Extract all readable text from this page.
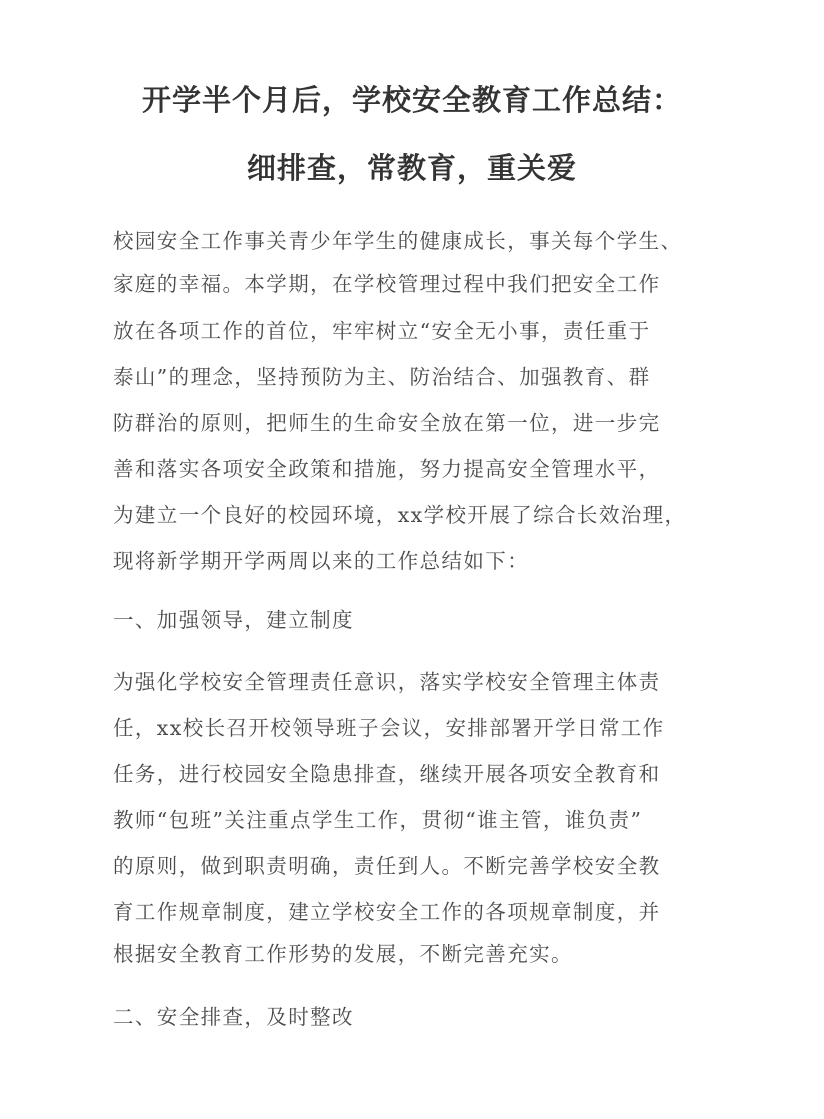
开学半个月后，学校安全教育工作总结：
细排查，常教育，重关爱
校园安全工作事关青少年学生的健康成长，事关每个学生、
家庭的幸福。本学期，在学校管理过程中我们把安全工作
放在各项工作的首位，牢牢树立“安全无小事，责任重于
泰山”的理念，坚持预防为主、防治结合、加强教育、群
防群治的原则，把师生的生命安全放在第一位，进一步完
善和落实各项安全政策和措施，努力提高安全管理水平，
为建立一个良好的校园环境，xx学校开展了综合长效治理，
现将新学期开学两周以来的工作总结如下：
一、加强领导，建立制度
为强化学校安全管理责任意识，落实学校安全管理主体责
任，xx校长召开校领导班子会议，安排部署开学日常工作
任务，进行校园安全隐患排查，继续开展各项安全教育和
教师“包班”关注重点学生工作，贯彻“谁主管，谁负责”
的原则，做到职责明确，责任到人。不断完善学校安全教
育工作规章制度，建立学校安全工作的各项规章制度，并
根据安全教育工作形势的发展，不断完善充实。
二、安全排查，及时整改
